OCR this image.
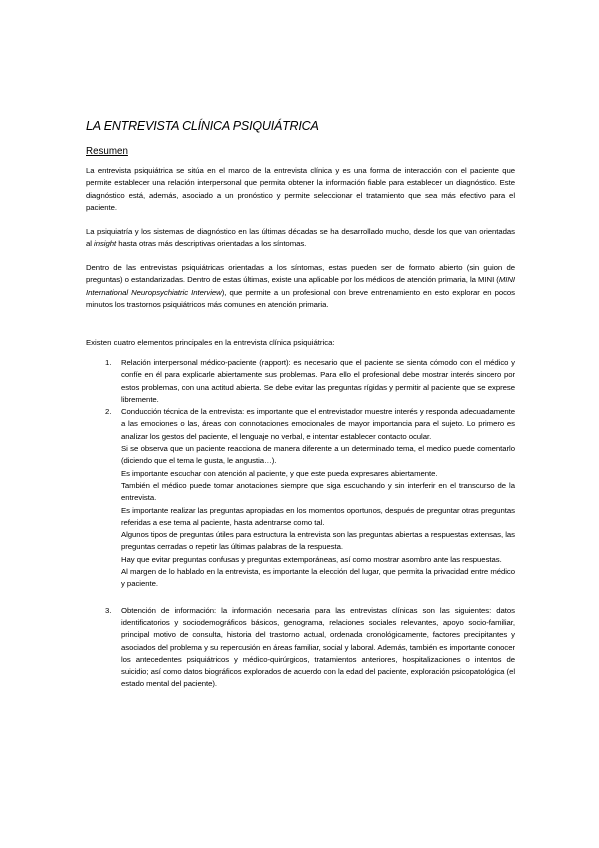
LA ENTREVISTA CLÍNICA PSIQUIÁTRICA
Resumen
La entrevista psiquiátrica se sitúa en el marco de la entrevista clínica y es una forma de interacción con el paciente que permite establecer una relación interpersonal que permita obtener la información fiable para establecer un diagnóstico. Este diagnóstico está, además, asociado a un pronóstico y permite seleccionar el tratamiento que sea más efectivo para el paciente.
La psiquiatría y los sistemas de diagnóstico en las últimas décadas se ha desarrollado mucho, desde los que van orientadas al insight hasta otras más descriptivas orientadas a los síntomas.
Dentro de las entrevistas psiquiátricas orientadas a los síntomas, estas pueden ser de formato abierto (sin guion de preguntas) o estandarizadas. Dentro de estas últimas, existe una aplicable por los médicos de atención primaria, la MINI (MINI International Neuropsychiatric Interview), que permite a un profesional con breve entrenamiento en esto explorar en pocos minutos los trastornos psiquiátricos más comunes en atención primaria.
Existen cuatro elementos principales en la entrevista clínica psiquiátrica:
1. Relación interpersonal médico-paciente (rapport): es necesario que el paciente se sienta cómodo con el médico y confíe en él para explicarle abiertamente sus problemas. Para ello el profesional debe mostrar interés sincero por estos problemas, con una actitud abierta. Se debe evitar las preguntas rígidas y permitir al paciente que se exprese libremente.

2. Conducción técnica de la entrevista: es importante que el entrevistador muestre interés y responda adecuadamente a las emociones o las, áreas con connotaciones emocionales de mayor importancia para el sujeto. Lo primero es analizar los gestos del paciente, el lenguaje no verbal, e intentar establecer contacto ocular.

Si se observa que un paciente reacciona de manera diferente a un determinado tema, el medico puede comentarlo (diciendo que el tema le gusta, le angustia…).

Es importante escuchar con atención al paciente, y que este pueda expresares abiertamente.

También el médico puede tomar anotaciones siempre que siga escuchando y sin interferir en el transcurso de la entrevista.

Es importante realizar las preguntas apropiadas en los momentos oportunos, después de preguntar otras preguntas referidas a ese tema al paciente, hasta adentrarse como tal.

Algunos tipos de preguntas útiles para estructura la entrevista son las preguntas abiertas a respuestas extensas, las preguntas cerradas o repetir las últimas palabras de la respuesta.

Hay que evitar preguntas confusas y preguntas extemporáneas, así como mostrar asombro ante las respuestas.

Al margen de lo hablado en la entrevista, es importante la elección del lugar, que permita la privacidad entre médico y paciente.

3. Obtención de información: la información necesaria para las entrevistas clínicas son las siguientes: datos identificatorios y sociodemográficos básicos, genograma, relaciones sociales relevantes, apoyo socio-familiar, principal motivo de consulta, historia del trastorno actual, ordenada cronológicamente, factores precipitantes y asociados del problema y su repercusión en áreas familiar, social y laboral. Además, también es importante conocer los antecedentes psiquiátricos y médico-quirúrgicos, tratamientos anteriores, hospitalizaciones o intentos de suicidio; así como datos biográficos explorados de acuerdo con la edad del paciente, exploración psicopatológica (el estado mental del paciente).
